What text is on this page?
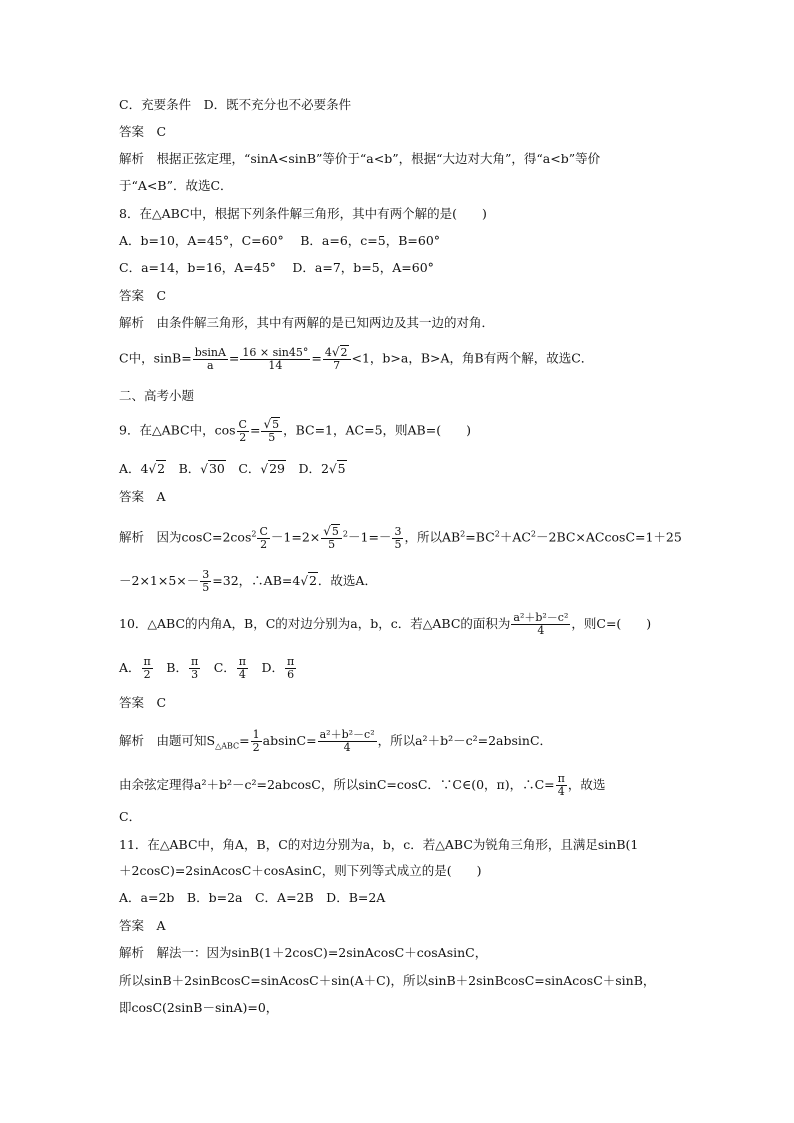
C．充要条件　D．既不充分也不必要条件
答案　C
解析　根据正弦定理，“sinA<sinB”等价于“a<b”，根据“大边对大角”，得“a<b”等价
于“A<B”．故选C．
8．在△ABC中，根据下列条件解三角形，其中有两个解的是(　　)
A．b=10，A=45°，C=60°　 B．a=6，c=5，B=60°
C．a=14，b=16，A=45°　 D．a=7，b=5，A=60°
答案　C
解析　由条件解三角形，其中有两解的是已知两边及其一边的对角．
C中，$\sin B= \frac{bsinA}{a} = \frac{16 \times \sin 45^\circ}{14} = \frac{4√2}{7} <1$，b>a，B>A，角B有两个解，故选C．
二、高考小题
9．在△ABC中，$\cos \frac{C}{2} = \frac{√5}{5}$ ，BC=1，AC=5，则AB=(　　)
A．4√2　B．√30　C．√29　D．2√5
答案　A
解析　因为$\cos C=2\cos^2 \frac{C}{2} -1=2\times \frac{√5}{5} ^2-1=- \frac{3}{5}$ ，所以$AB^2=BC^2+AC^2-2BC\times ACcosC=1+25$
$-2\times 1\times 5\times- \frac{3}{5} =32$，∴AB=4√2．故选A．
10．△ABC的内角A，B，C的对边分别为a，b，c．若△ABC的面积为 $\frac{\text{a²＋b²－c²}}{4}$ ，则C=(　　)
A． $\frac{\pi}{2}$ 　B． $\frac{\pi}{3}$ 　C． $\frac{\pi}{4}$ 　D． $\frac{\pi}{6}$
答案　C
解析　由题可知$S_{\triangle ABC}= \frac{1}{2} absinC= \frac{\text{a²＋b²－c²}}{4}$ ，所以a²＋b²－c²=2absinC．
由余弦定理得a²＋b²－c²=2abcosC，所以sinC=cosC．∵C∈(0，π)，∴C= $\frac{\pi}{4}$ ，故选
C．
11．在△ABC中，角A，B，C的对边分别为a，b，c．若△ABC为锐角三角形，且满足sinB(1
＋2cosC)=2sinAcosC＋cosAsinC，则下列等式成立的是(　　)
A．a=2b　B．b=2a　C．A=2B　D．B=2A
答案　A
解析　解法一：因为sinB(1＋2cosC)=2sinAcosC＋cosAsinC，
所以sinB＋2sinBcosC=sinAcosC＋sin(A＋C)，所以sinB＋2sinBcosC=sinAcosC＋sinB，
即cosC(2sinB－sinA)=0，
